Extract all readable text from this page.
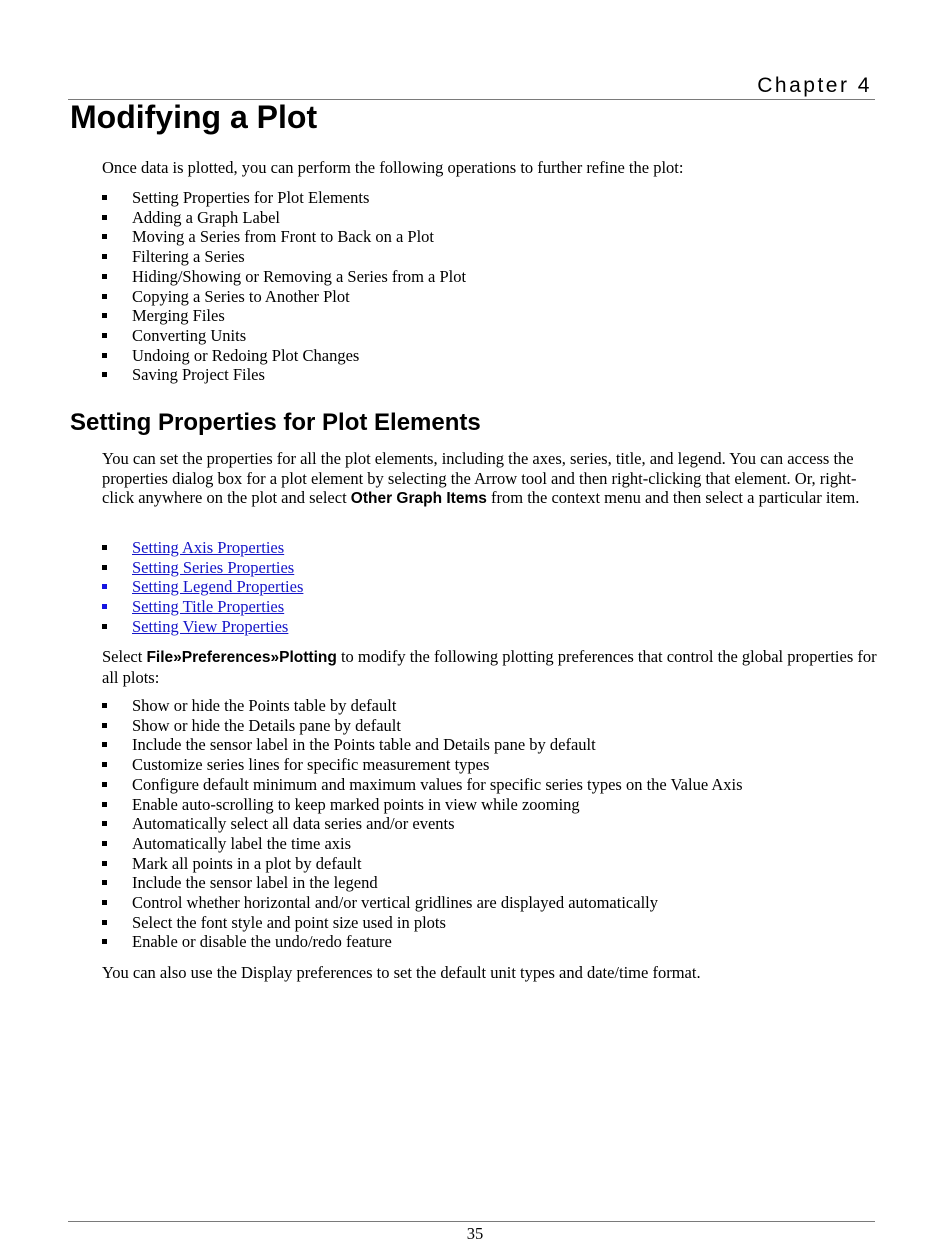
Chapter 4
Modifying a Plot

Once data is plotted, you can perform the following operations to further refine the plot:

Setting Properties for Plot Elements
Adding a Graph Label
Moving a Series from Front to Back on a Plot
Filtering a Series
Hiding/Showing or Removing a Series from a Plot
Copying a Series to Another Plot
Merging Files
Converting Units
Undoing or Redoing Plot Changes
Saving Project Files
Setting Properties for Plot Elements

You can set the properties for all the plot elements, including the axes, series, title, and legend. You can access the properties dialog box for a plot element by selecting the Arrow tool and then right-clicking that element. Or, right-click anywhere on the plot and select Other Graph Items from the context menu and then select a particular item.

Setting Axis Properties
Setting Series Properties
Setting Legend Properties
Setting Title Properties
Setting View Properties

Select File»Preferences»Plotting to modify the following plotting preferences that control the global properties for all plots:

Show or hide the Points table by default
Show or hide the Details pane by default
Include the sensor label in the Points table and Details pane by default
Customize series lines for specific measurement types
Configure default minimum and maximum values for specific series types on the Value Axis
Enable auto-scrolling to keep marked points in view while zooming
Automatically select all data series and/or events
Automatically label the time axis
Mark all points in a plot by default
Include the sensor label in the legend
Control whether horizontal and/or vertical gridlines are displayed automatically
Select the font style and point size used in plots
Enable or disable the undo/redo feature

You can also use the Display preferences to set the default unit types and date/time format.

35
